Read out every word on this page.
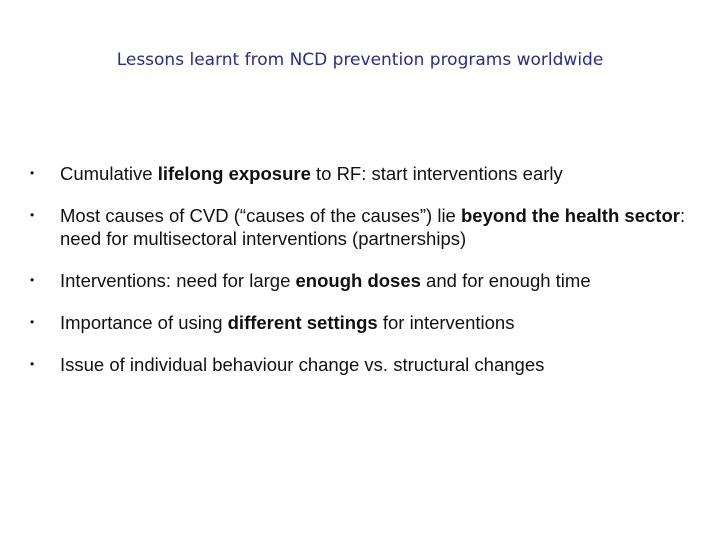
Lessons learnt from NCD prevention programs worldwide
•	Cumulative lifelong exposure to RF: start interventions early
•	Most causes of CVD (“causes of the causes”) lie beyond the health sector: need for multisectoral interventions (partnerships)
•	Interventions: need for large enough doses and for enough time
•	Importance of using different settings for interventions
•	Issue of individual behaviour change vs. structural changes
